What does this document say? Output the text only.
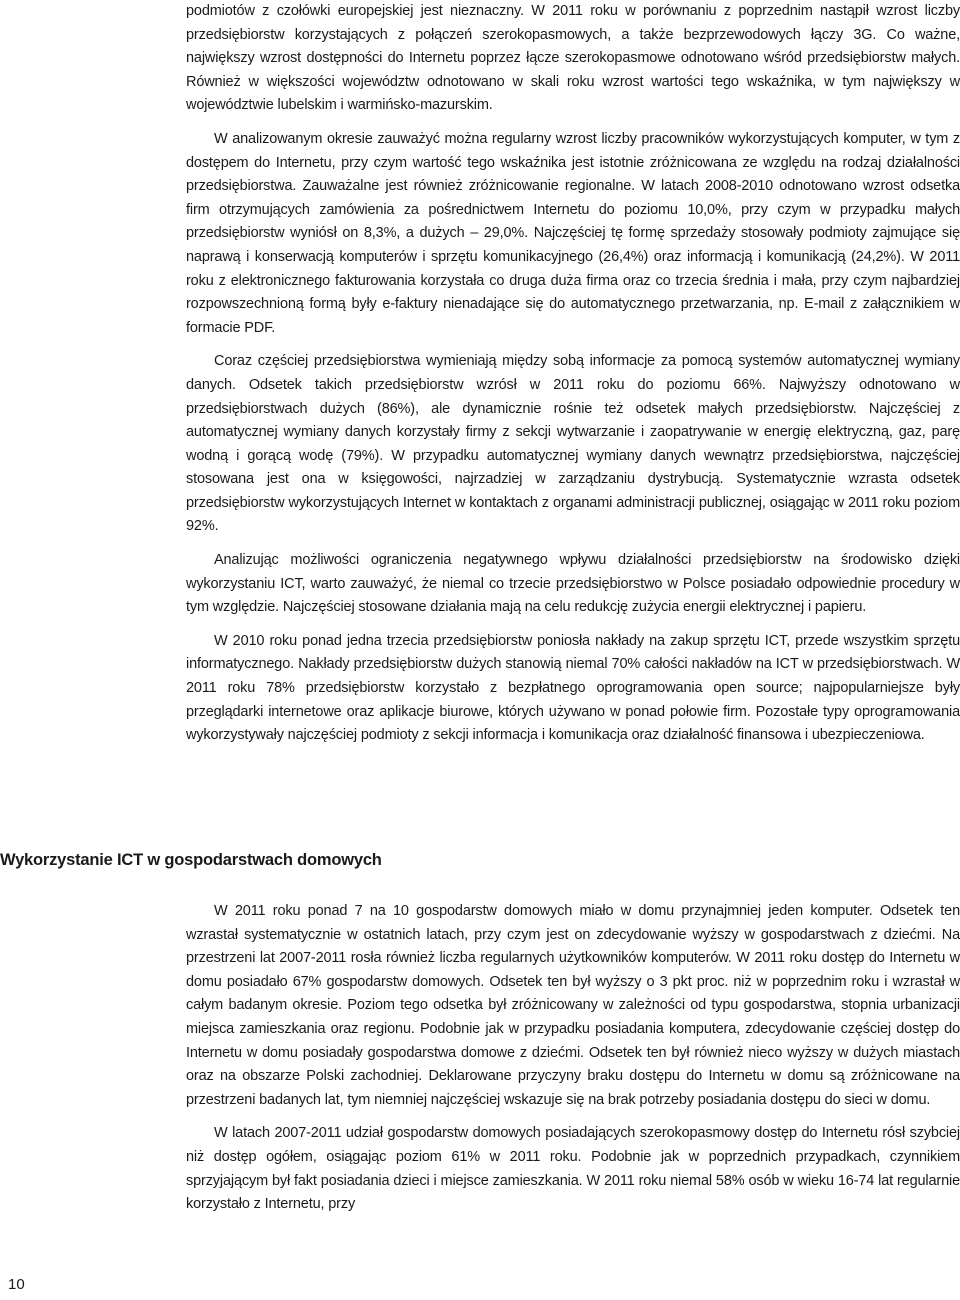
podmiotów z czołówki europejskiej jest nieznaczny. W 2011 roku w porównaniu z poprzednim nastąpił wzrost liczby przedsiębiorstw korzystających z połączeń szerokopasmowych, a także bezprzewodowych łączy 3G. Co ważne, największy wzrost dostępności do Internetu poprzez łącze szerokopasmowe odnotowano wśród przedsiębiorstw małych. Również w większości województw odnotowano w skali roku wzrost wartości tego wskaźnika, w tym największy w województwie lubelskim i warmińsko-mazurskim.

W analizowanym okresie zauważyć można regularny wzrost liczby pracowników wykorzystujących komputer, w tym z dostępem do Internetu, przy czym wartość tego wskaźnika jest istotnie zróżnicowana ze względu na rodzaj działalności przedsiębiorstwa. Zauważalne jest również zróżnicowanie regionalne. W latach 2008-2010 odnotowano wzrost odsetka firm otrzymujących zamówienia za pośrednictwem Internetu do poziomu 10,0%, przy czym w przypadku małych przedsiębiorstw wyniósł on 8,3%, a dużych – 29,0%. Najczęściej tę formę sprzedaży stosowały podmioty zajmujące się naprawą i konserwacją komputerów i sprzętu komunikacyjnego (26,4%) oraz informacją i komunikacją (24,2%). W 2011 roku z elektronicznego fakturowania korzystała co druga duża firma oraz co trzecia średnia i mała, przy czym najbardziej rozpowszechnioną formą były e-faktury nienadające się do automatycznego przetwarzania, np. E-mail z załącznikiem w formacie PDF.

Coraz częściej przedsiębiorstwa wymieniają między sobą informacje za pomocą systemów automatycznej wymiany danych. Odsetek takich przedsiębiorstw wzrósł w 2011 roku do poziomu 66%. Najwyższy odnotowano w przedsiębiorstwach dużych (86%), ale dynamicznie rośnie też odsetek małych przedsiębiorstw. Najczęściej z automatycznej wymiany danych korzystały firmy z sekcji wytwarzanie i zaopatrywanie w energię elektryczną, gaz, parę wodną i gorącą wodę (79%). W przypadku automatycznej wymiany danych wewnątrz przedsiębiorstwa, najczęściej stosowana jest ona w księgowości, najrzadziej w zarządzaniu dystrybucją. Systematycznie wzrasta odsetek przedsiębiorstw wykorzystujących Internet w kontaktach z organami administracji publicznej, osiągając w 2011 roku poziom 92%.

Analizując możliwości ograniczenia negatywnego wpływu działalności przedsiębiorstw na środowisko dzięki wykorzystaniu ICT, warto zauważyć, że niemal co trzecie przedsiębiorstwo w Polsce posiadało odpowiednie procedury w tym względzie. Najczęściej stosowane działania mają na celu redukcję zużycia energii elektrycznej i papieru.

W 2010 roku ponad jedna trzecia przedsiębiorstw poniosła nakłady na zakup sprzętu ICT, przede wszystkim sprzętu informatycznego. Nakłady przedsiębiorstw dużych stanowią niemal 70% całości nakładów na ICT w przedsiębiorstwach. W 2011 roku 78% przedsiębiorstw korzystało z bezpłatnego oprogramowania open source; najpopularniejsze były przeglądarki internetowe oraz aplikacje biurowe, których używano w ponad połowie firm. Pozostałe typy oprogramowania wykorzystywały najczęściej podmioty z sekcji informacja i komunikacja oraz działalność finansowa i ubezpieczeniowa.

Wykorzystanie ICT w gospodarstwach domowych

W 2011 roku ponad 7 na 10 gospodarstw domowych miało w domu przynajmniej jeden komputer. Odsetek ten wzrastał systematycznie w ostatnich latach, przy czym jest on zdecydowanie wyższy w gospodarstwach z dziećmi. Na przestrzeni lat 2007-2011 rosła również liczba regularnych użytkowników komputerów. W 2011 roku dostęp do Internetu w domu posiadało 67% gospodarstw domowych. Odsetek ten był wyższy o 3 pkt proc. niż w poprzednim roku i wzrastał w całym badanym okresie. Poziom tego odsetka był zróżnicowany w zależności od typu gospodarstwa, stopnia urbanizacji miejsca zamieszkania oraz regionu. Podobnie jak w przypadku posiadania komputera, zdecydowanie częściej dostęp do Internetu w domu posiadały gospodarstwa domowe z dziećmi. Odsetek ten był również nieco wyższy w dużych miastach oraz na obszarze Polski zachodniej. Deklarowane przyczyny braku dostępu do Internetu w domu są zróżnicowane na przestrzeni badanych lat, tym niemniej najczęściej wskazuje się na brak potrzeby posiadania dostępu do sieci w domu.

W latach 2007-2011 udział gospodarstw domowych posiadających szerokopasmowy dostęp do Internetu rósł szybciej niż dostęp ogółem, osiągając poziom 61% w 2011 roku. Podobnie jak w poprzednich przypadkach, czynnikiem sprzyjającym był fakt posiadania dzieci i miejsce zamieszkania. W 2011 roku niemal 58% osób w wieku 16-74 lat regularnie korzystało z Internetu, przy

10
